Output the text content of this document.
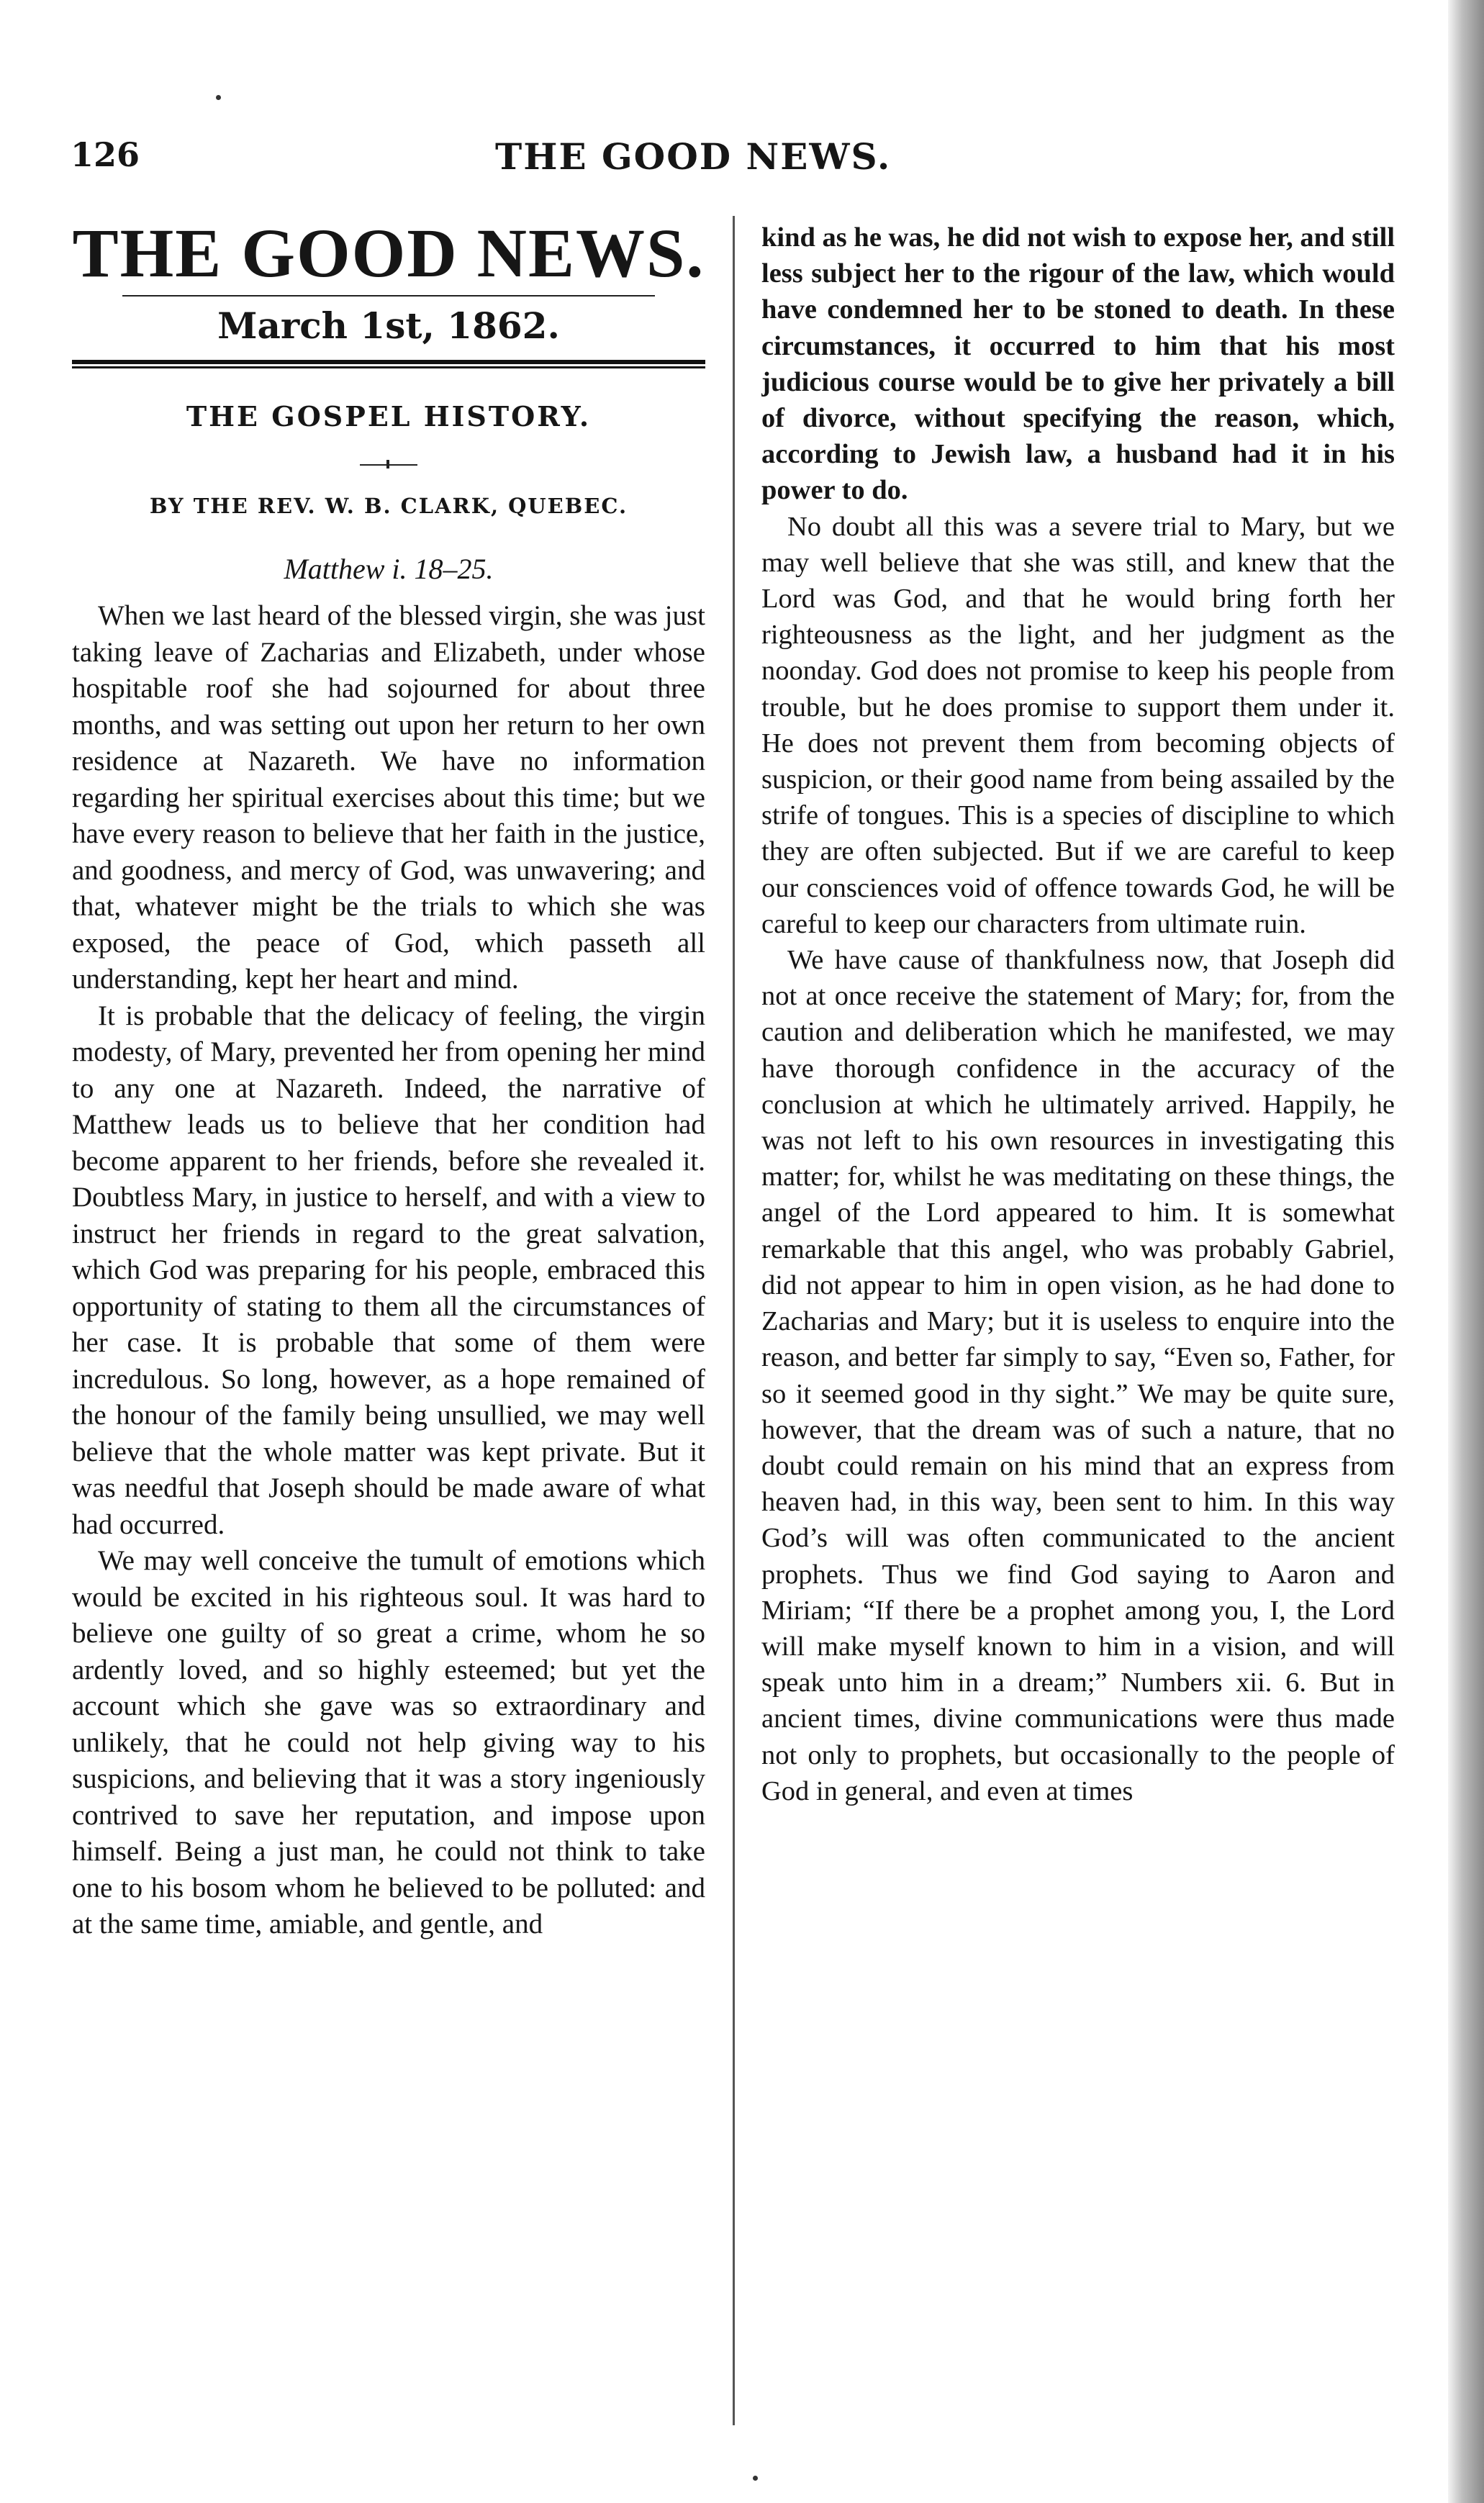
126	THE GOOD NEWS.
THE GOOD NEWS.
March 1st, 1862.
THE GOSPEL HISTORY.
BY THE REV. W. B. CLARK, QUEBEC.
Matthew i. 18–25.

When we last heard of the blessed virgin, she was just taking leave of Zacharias and Elizabeth, under whose hospitable roof she had sojourned for about three months, and was setting out upon her return to her own residence at Nazareth. We have no information regarding her spiritual exercises about this time; but we have every reason to believe that her faith in the justice, and goodness, and mercy of God, was unwavering; and that, whatever might be the trials to which she was exposed, the peace of God, which passeth all understanding, kept her heart and mind.

It is probable that the delicacy of feeling, the virgin modesty, of Mary, prevented her from opening her mind to any one at Nazareth. Indeed, the narrative of Matthew leads us to believe that her condition had become apparent to her friends, before she revealed it. Doubtless Mary, in justice to herself, and with a view to instruct her friends in regard to the great salvation, which God was preparing for his people, embraced this opportunity of stating to them all the circumstances of her case. It is probable that some of them were incredulous. So long, however, as a hope remained of the honour of the family being unsullied, we may well believe that the whole matter was kept private. But it was needful that Joseph should be made aware of what had occurred.

We may well conceive the tumult of emotions which would be excited in his righteous soul. It was hard to believe one guilty of so great a crime, whom he so ardently loved, and so highly esteemed; but yet the account which she gave was so extraordinary and unlikely, that he could not help giving way to his suspicions, and believing that it was a story ingeniously contrived to save her reputation, and impose upon himself. Being a just man, he could not think to take one to his bosom whom he believed to be polluted: and at the same time, amiable, and gentle, and

kind as he was, he did not wish to expose her, and still less subject her to the rigour of the law, which would have condemned her to be stoned to death. In these circumstances, it occurred to him that his most judicious course would be to give her privately a bill of divorce, without specifying the reason, which, according to Jewish law, a husband had it in his power to do.

No doubt all this was a severe trial to Mary, but we may well believe that she was still, and knew that the Lord was God, and that he would bring forth her righteousness as the light, and her judgment as the noonday. God does not promise to keep his people from trouble, but he does promise to support them under it. He does not prevent them from becoming objects of suspicion, or their good name from being assailed by the strife of tongues. This is a species of discipline to which they are often subjected. But if we are careful to keep our consciences void of offence towards God, he will be careful to keep our characters from ultimate ruin.

We have cause of thankfulness now, that Joseph did not at once receive the statement of Mary; for, from the caution and deliberation which he manifested, we may have thorough confidence in the accuracy of the conclusion at which he ultimately arrived. Happily, he was not left to his own resources in investigating this matter; for, whilst he was meditating on these things, the angel of the Lord appeared to him. It is somewhat remarkable that this angel, who was probably Gabriel, did not appear to him in open vision, as he had done to Zacharias and Mary; but it is useless to enquire into the reason, and better far simply to say, “Even so, Father, for so it seemed good in thy sight.” We may be quite sure, however, that the dream was of such a nature, that no doubt could remain on his mind that an express from heaven had, in this way, been sent to him. In this way God’s will was often communicated to the ancient prophets. Thus we find God saying to Aaron and Miriam; “If there be a prophet among you, I, the Lord will make myself known to him in a vision, and will speak unto him in a dream;” Numbers xii. 6. But in ancient times, divine communications were thus made not only to prophets, but occasionally to the people of God in general, and even at times
